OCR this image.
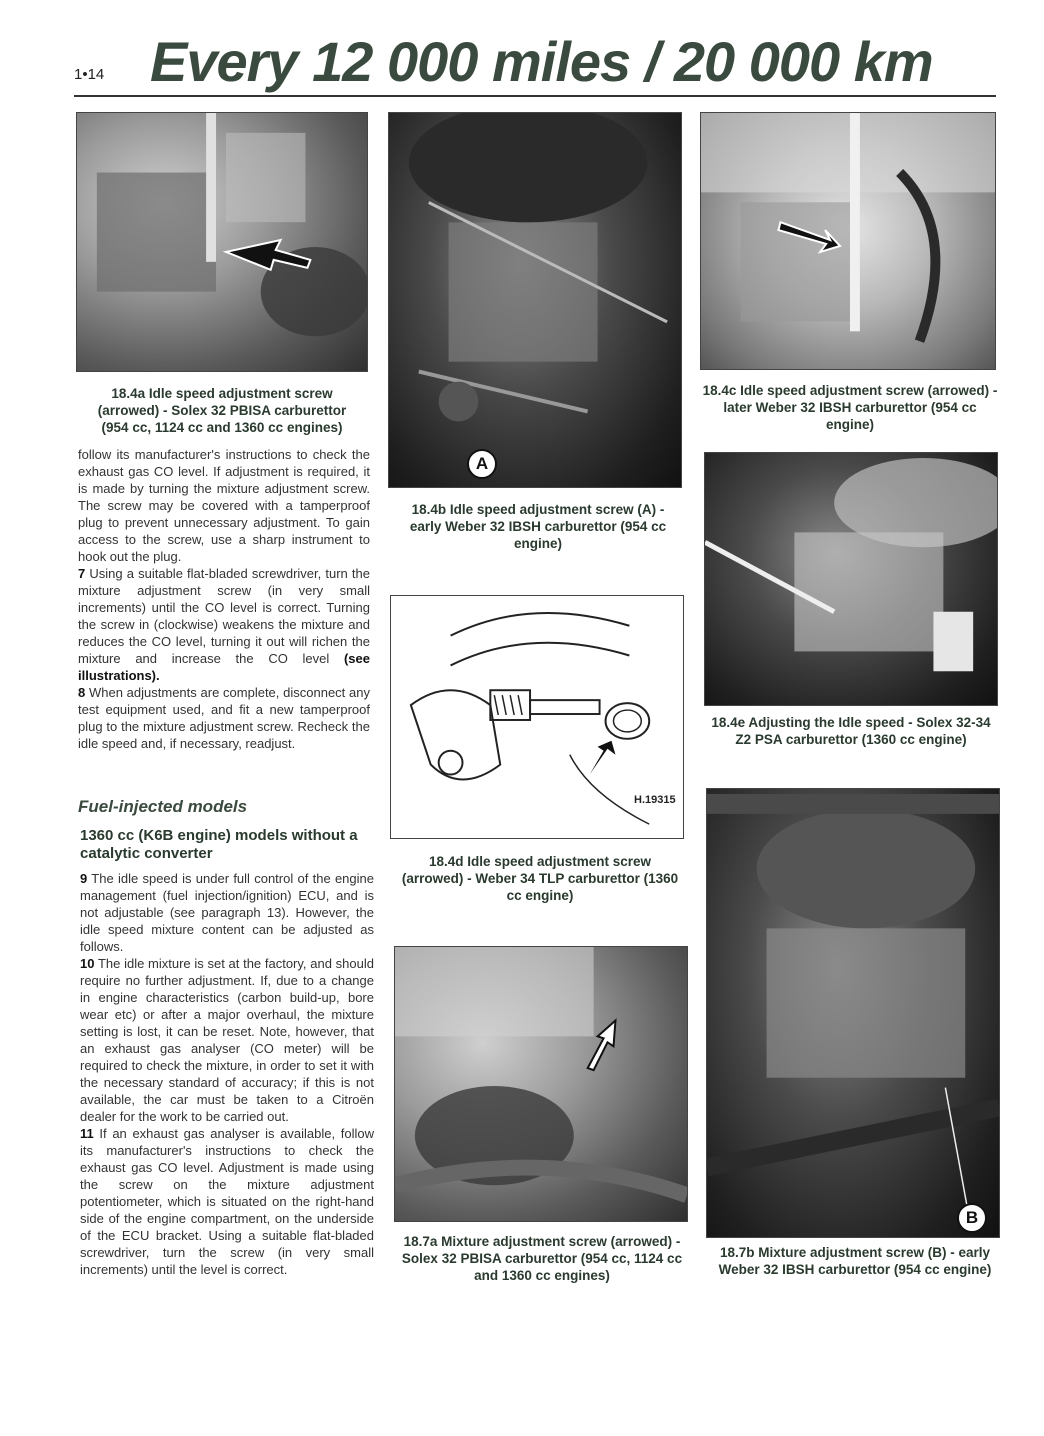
1•14 Every 12 000 miles / 20 000 km
18.4a Idle speed adjustment screw (arrowed) - Solex 32 PBISA carburettor (954 cc, 1124 cc and 1360 cc engines)
A
18.4b Idle speed adjustment screw (A) - early Weber 32 IBSH carburettor (954 cc engine)
18.4c Idle speed adjustment screw (arrowed) - later Weber 32 IBSH carburettor (954 cc engine)
18.4e Adjusting the Idle speed - Solex 32-34 Z2 PSA carburettor (1360 cc engine)
H.19315
18.4d Idle speed adjustment screw (arrowed) - Weber 34 TLP carburettor (1360 cc engine)
18.7a Mixture adjustment screw (arrowed) - Solex 32 PBISA carburettor (954 cc, 1124 cc and 1360 cc engines)
B
18.7b Mixture adjustment screw (B) - early Weber 32 IBSH carburettor (954 cc engine)

follow its manufacturer's instructions to check the exhaust gas CO level. If adjustment is required, it is made by turning the mixture adjustment screw. The screw may be covered with a tamperproof plug to prevent unnecessary adjustment. To gain access to the screw, use a sharp instrument to hook out the plug.

7 Using a suitable flat-bladed screwdriver, turn the mixture adjustment screw (in very small increments) until the CO level is correct. Turning the screw in (clockwise) weakens the mixture and reduces the CO level, turning it out will richen the mixture and increase the CO level (see illustrations).

8 When adjustments are complete, disconnect any test equipment used, and fit a new tamperproof plug to the mixture adjustment screw. Recheck the idle speed and, if necessary, readjust.

Fuel-injected models
1360 cc (K6B engine) models without a catalytic converter

9 The idle speed is under full control of the engine management (fuel injection/ignition) ECU, and is not adjustable (see paragraph 13). However, the idle speed mixture content can be adjusted as follows.

10 The idle mixture is set at the factory, and should require no further adjustment. If, due to a change in engine characteristics (carbon build-up, bore wear etc) or after a major overhaul, the mixture setting is lost, it can be reset. Note, however, that an exhaust gas analyser (CO meter) will be required to check the mixture, in order to set it with the necessary standard of accuracy; if this is not available, the car must be taken to a Citroën dealer for the work to be carried out.

11 If an exhaust gas analyser is available, follow its manufacturer's instructions to check the exhaust gas CO level. Adjustment is made using the screw on the mixture adjustment potentiometer, which is situated on the right-hand side of the engine compartment, on the underside of the ECU bracket. Using a suitable flat-bladed screwdriver, turn the screw (in very small increments) until the level is correct.
